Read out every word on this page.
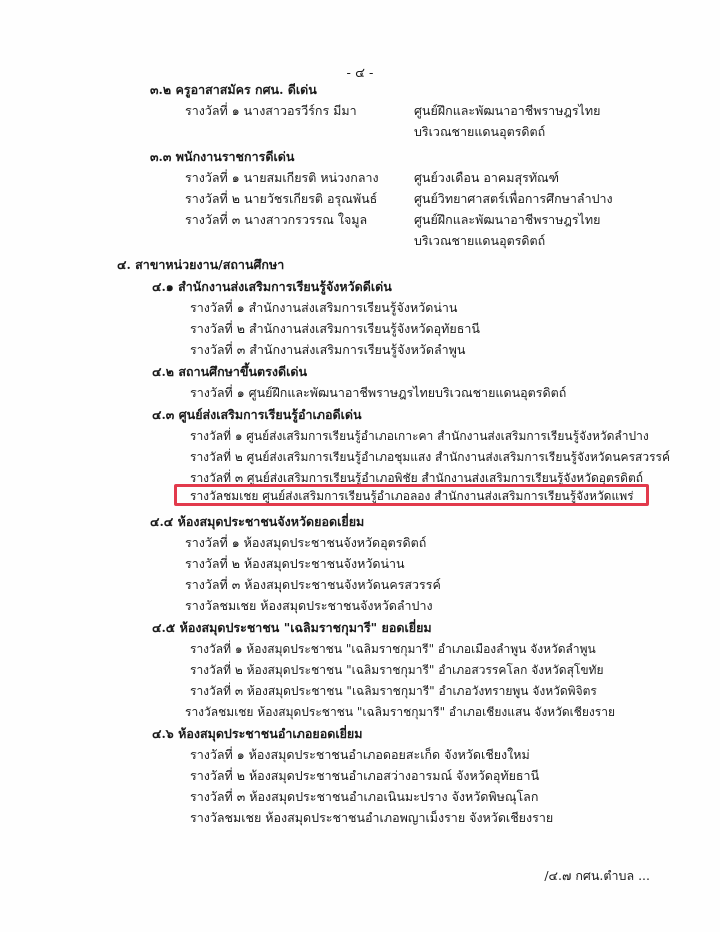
- ๔ -
๓.๒ ครูอาสาสมัคร กศน. ดีเด่น
รางวัลที่ ๑ นางสาวอรวีร์กร มีมา	ศูนย์ฝึกและพัฒนาอาชีพราษฎรไทย
บริเวณชายแดนอุตรดิตถ์
๓.๓ พนักงานราชการดีเด่น
รางวัลที่ ๑ นายสมเกียรติ หน่วงกลาง	ศูนย์วงเดือน อาคมสุรทัณฑ์
รางวัลที่ ๒ นายวัชรเกียรติ อรุณพันธ์	ศูนย์วิทยาศาสตร์เพื่อการศึกษาลำปาง
รางวัลที่ ๓ นางสาวกรวรรณ ใจมูล	ศูนย์ฝึกและพัฒนาอาชีพราษฎรไทย
บริเวณชายแดนอุตรดิตถ์
๔. สาขาหน่วยงาน/สถานศึกษา
๔.๑ สำนักงานส่งเสริมการเรียนรู้จังหวัดดีเด่น
รางวัลที่ ๑ สำนักงานส่งเสริมการเรียนรู้จังหวัดน่าน
รางวัลที่ ๒ สำนักงานส่งเสริมการเรียนรู้จังหวัดอุทัยธานี
รางวัลที่ ๓ สำนักงานส่งเสริมการเรียนรู้จังหวัดลำพูน
๔.๒ สถานศึกษาขึ้นตรงดีเด่น
รางวัลที่ ๑ ศูนย์ฝึกและพัฒนาอาชีพราษฎรไทยบริเวณชายแดนอุตรดิตถ์
๔.๓ ศูนย์ส่งเสริมการเรียนรู้อำเภอดีเด่น
รางวัลที่ ๑ ศูนย์ส่งเสริมการเรียนรู้อำเภอเกาะคา สำนักงานส่งเสริมการเรียนรู้จังหวัดลำปาง
รางวัลที่ ๒ ศูนย์ส่งเสริมการเรียนรู้อำเภอชุมแสง สำนักงานส่งเสริมการเรียนรู้จังหวัดนครสวรรค์
รางวัลที่ ๓ ศูนย์ส่งเสริมการเรียนรู้อำเภอพิชัย สำนักงานส่งเสริมการเรียนรู้จังหวัดอุตรดิตถ์
รางวัลชมเชย ศูนย์ส่งเสริมการเรียนรู้อำเภอลอง สำนักงานส่งเสริมการเรียนรู้จังหวัดแพร่
๔.๔ ห้องสมุดประชาชนจังหวัดยอดเยี่ยม
รางวัลที่ ๑ ห้องสมุดประชาชนจังหวัดอุตรดิตถ์
รางวัลที่ ๒ ห้องสมุดประชาชนจังหวัดน่าน
รางวัลที่ ๓ ห้องสมุดประชาชนจังหวัดนครสวรรค์
รางวัลชมเชย ห้องสมุดประชาชนจังหวัดลำปาง
๔.๕ ห้องสมุดประชาชน "เฉลิมราชกุมารี" ยอดเยี่ยม
รางวัลที่ ๑ ห้องสมุดประชาชน "เฉลิมราชกุมารี" อำเภอเมืองลำพูน จังหวัดลำพูน
รางวัลที่ ๒ ห้องสมุดประชาชน "เฉลิมราชกุมารี" อำเภอสวรรคโลก จังหวัดสุโขทัย
รางวัลที่ ๓ ห้องสมุดประชาชน "เฉลิมราชกุมารี" อำเภอวังทรายพูน จังหวัดพิจิตร
รางวัลชมเชย ห้องสมุดประชาชน "เฉลิมราชกุมารี" อำเภอเชียงแสน จังหวัดเชียงราย
๔.๖ ห้องสมุดประชาชนอำเภอยอดเยี่ยม
รางวัลที่ ๑ ห้องสมุดประชาชนอำเภอดอยสะเก็ด จังหวัดเชียงใหม่
รางวัลที่ ๒ ห้องสมุดประชาชนอำเภอสว่างอารมณ์ จังหวัดอุทัยธานี
รางวัลที่ ๓ ห้องสมุดประชาชนอำเภอเนินมะปราง จังหวัดพิษณุโลก
รางวัลชมเชย ห้องสมุดประชาชนอำเภอพญาเม็งราย จังหวัดเชียงราย
/๔.๗ กศน.ตำบล ...
